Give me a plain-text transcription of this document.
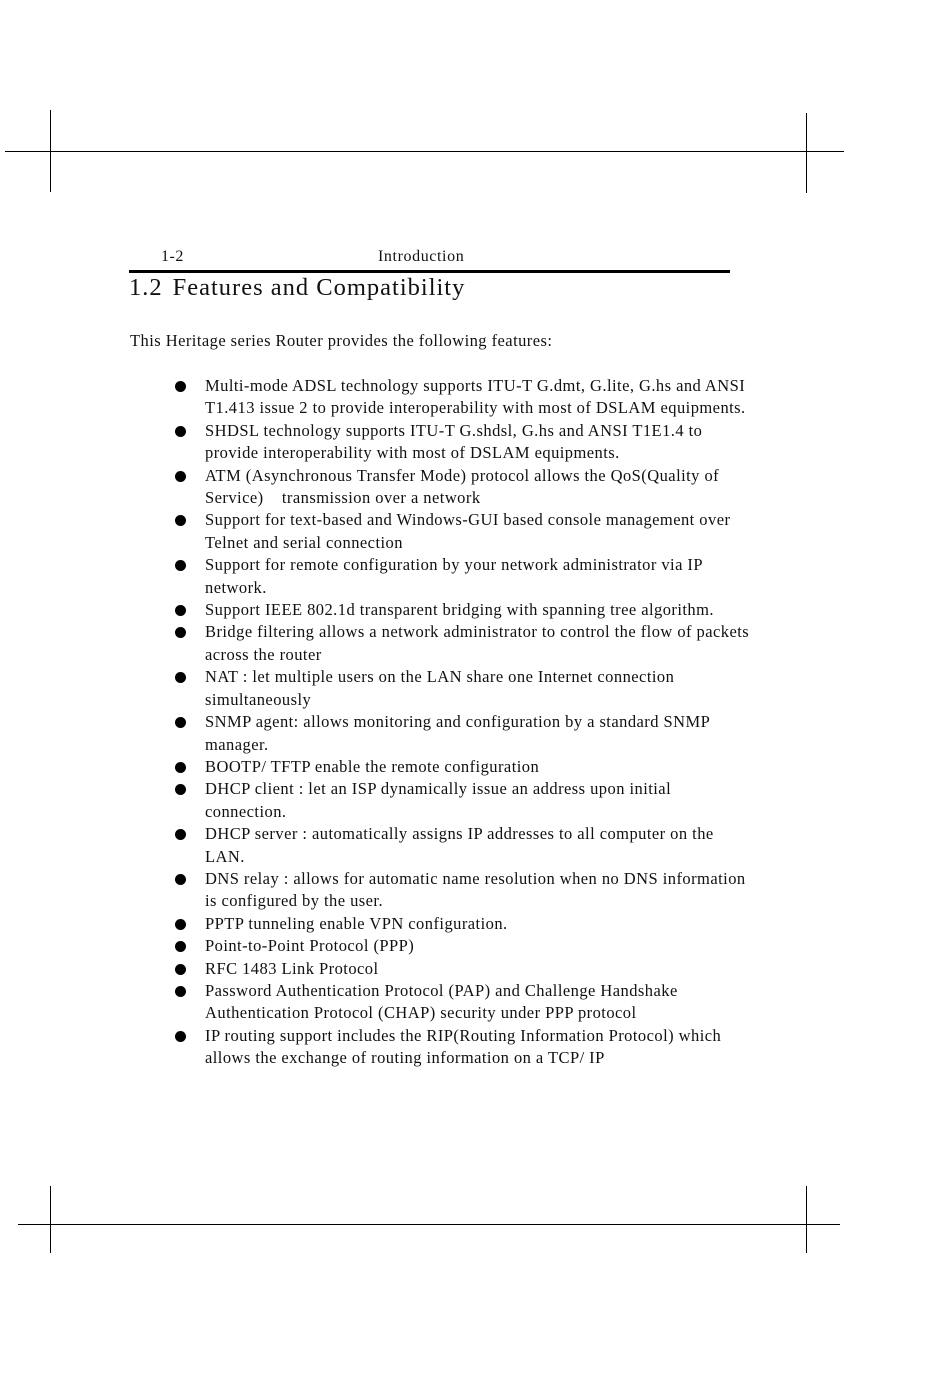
1-2	Introduction
1.2 Features and Compatibility

This Heritage series Router provides the following features:

Multi-mode ADSL technology supports ITU-T G.dmt, G.lite, G.hs and ANSI T1.413 issue 2 to provide interoperability with most of DSLAM equipments.
SHDSL technology supports ITU-T G.shdsl, G.hs and ANSI T1E1.4 to provide interoperability with most of DSLAM equipments.
ATM (Asynchronous Transfer Mode) protocol allows the QoS(Quality of Service)    transmission over a network
Support for text-based and Windows-GUI based console management over Telnet and serial connection
Support for remote configuration by your network administrator via IP network.
Support IEEE 802.1d transparent bridging with spanning tree algorithm.
Bridge filtering allows a network administrator to control the flow of packets across the router
NAT : let multiple users on the LAN share one Internet connection simultaneously
SNMP agent: allows monitoring and configuration by a standard SNMP manager.
BOOTP/ TFTP enable the remote configuration
DHCP client : let an ISP dynamically issue an address upon initial connection.
DHCP server : automatically assigns IP addresses to all computer on the LAN.
DNS relay : allows for automatic name resolution when no DNS information is configured by the user.
PPTP tunneling enable VPN configuration.
Point-to-Point Protocol (PPP)
RFC 1483 Link Protocol
Password Authentication Protocol (PAP) and Challenge Handshake Authentication Protocol (CHAP) security under PPP protocol
IP routing support includes the RIP(Routing Information Protocol) which allows the exchange of routing information on a TCP/ IP
